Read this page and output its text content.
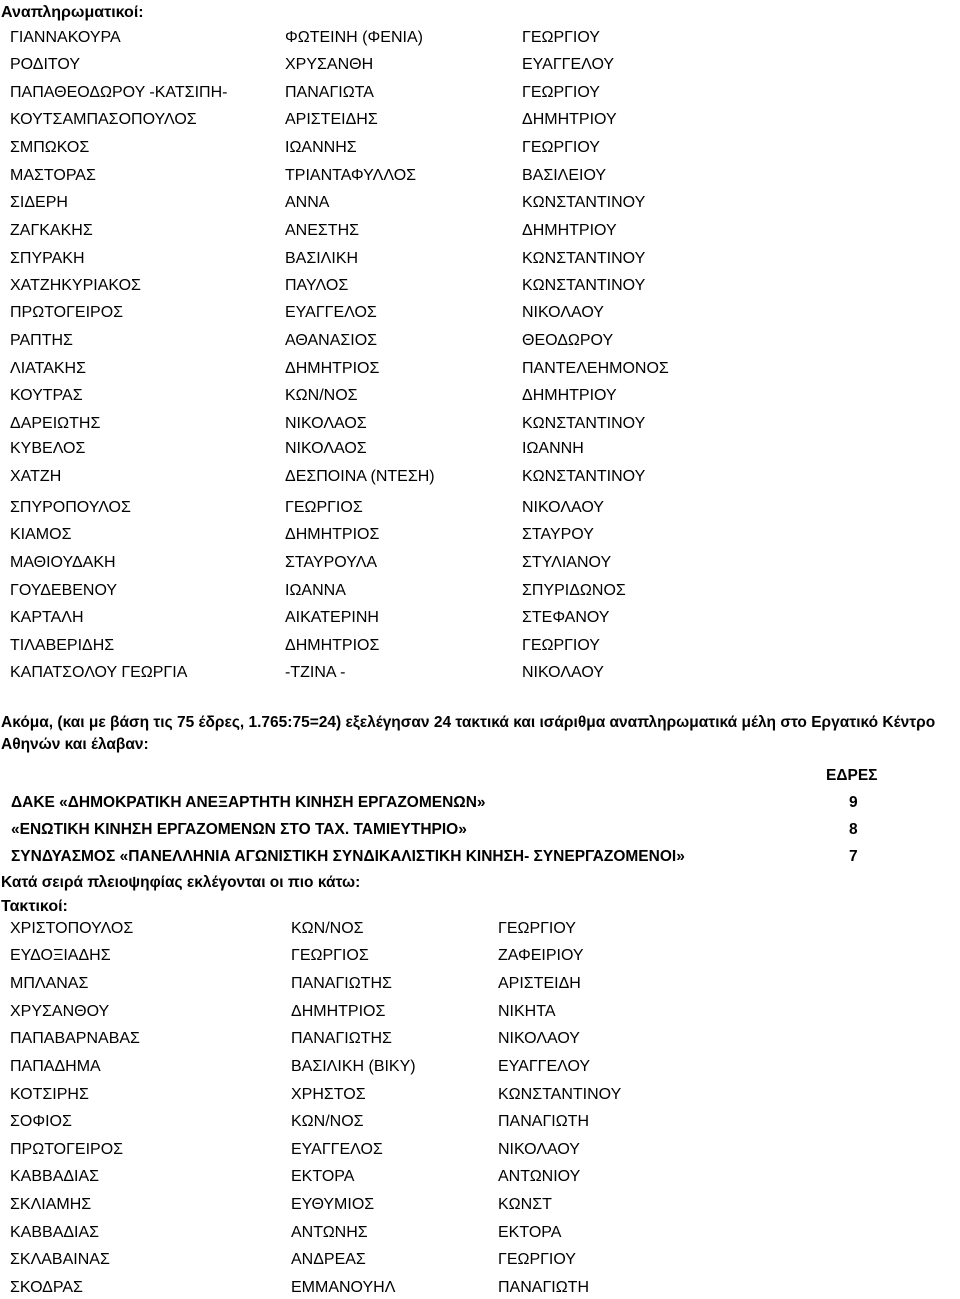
Αναπληρωματικοί:
ΓΙΑΝΝΑΚΟΥΡΑ	ΦΩΤΕΙΝΗ (ΦΕΝΙΑ)	ΓΕΩΡΓΙΟΥ
ΡΟΔΙΤΟΥ	ΧΡΥΣΑΝΘΗ	ΕΥΑΓΓΕΛΟΥ
ΠΑΠΑΘΕΟΔΩΡΟΥ -ΚΑΤΣΙΠΗ-	ΠΑΝΑΓΙΩΤΑ	ΓΕΩΡΓΙΟΥ
ΚΟΥΤΣΑΜΠΑΣΟΠΟΥΛΟΣ	ΑΡΙΣΤΕΙΔΗΣ	ΔΗΜΗΤΡΙΟΥ
ΣΜΠΩΚΟΣ	ΙΩΑΝΝΗΣ	ΓΕΩΡΓΙΟΥ
ΜΑΣΤΟΡΑΣ	ΤΡΙΑΝΤΑΦΥΛΛΟΣ	ΒΑΣΙΛΕΙΟΥ
ΣΙΔΕΡΗ	ΑΝΝΑ	ΚΩΝΣΤΑΝΤΙΝΟΥ
ΖΑΓΚΑΚΗΣ	ΑΝΕΣΤΗΣ	ΔΗΜΗΤΡΙΟΥ
ΣΠΥΡΑΚΗ	ΒΑΣΙΛΙΚΗ	ΚΩΝΣΤΑΝΤΙΝΟΥ
ΧΑΤΖΗΚΥΡΙΑΚΟΣ	ΠΑΥΛΟΣ	ΚΩΝΣΤΑΝΤΙΝΟΥ
ΠΡΩΤΟΓΕΙΡΟΣ	ΕΥΑΓΓΕΛΟΣ	ΝΙΚΟΛΑΟΥ
ΡΑΠΤΗΣ	ΑΘΑΝΑΣΙΟΣ	ΘΕΟΔΩΡΟΥ
ΛΙΑΤΑΚΗΣ	ΔΗΜΗΤΡΙΟΣ	ΠΑΝΤΕΛΕΗΜΟΝΟΣ
ΚΟΥΤΡΑΣ	ΚΩΝ/ΝΟΣ	ΔΗΜΗΤΡΙΟΥ
ΔΑΡΕΙΩΤΗΣ	ΝΙΚΟΛΑΟΣ	ΚΩΝΣΤΑΝΤΙΝΟΥ
ΚΥΒΕΛΟΣ	ΝΙΚΟΛΑΟΣ	ΙΩΑΝΝΗ
ΧΑΤΖΗ	ΔΕΣΠΟΙΝΑ (ΝΤΕΣΗ)	ΚΩΝΣΤΑΝΤΙΝΟΥ
ΣΠΥΡΟΠΟΥΛΟΣ	ΓΕΩΡΓΙΟΣ	ΝΙΚΟΛΑΟΥ
ΚΙΑΜΟΣ	ΔΗΜΗΤΡΙΟΣ	ΣΤΑΥΡΟΥ
ΜΑΘΙΟΥΔΑΚΗ	ΣΤΑΥΡΟΥΛΑ	ΣΤΥΛΙΑΝΟΥ
ΓΟΥΔΕΒΕΝΟΥ	ΙΩΑΝΝΑ	ΣΠΥΡΙΔΩΝΟΣ
ΚΑΡΤΑΛΗ	ΑΙΚΑΤΕΡΙΝΗ	ΣΤΕΦΑΝΟΥ
ΤΙΛΑΒΕΡΙΔΗΣ	ΔΗΜΗΤΡΙΟΣ	ΓΕΩΡΓΙΟΥ
ΚΑΠΑΤΣΟΛΟΥ ΓΕΩΡΓΙΑ	-ΤΖΙΝΑ -	ΝΙΚΟΛΑΟΥ
Ακόμα, (και με βάση τις 75 έδρες, 1.765:75=24) εξελέγησαν 24 τακτικά και ισάριθμα αναπληρωματικά μέλη στο Εργατικό Κέντρο Αθηνών και έλαβαν:
ΕΔΡΕΣ
ΔΑΚΕ «ΔΗΜΟΚΡΑΤΙΚΗ ΑΝΕΞΑΡΤΗΤΗ ΚΙΝΗΣΗ ΕΡΓΑΖΟΜΕΝΩΝ»	9
«ΕΝΩΤΙΚΗ ΚΙΝΗΣΗ ΕΡΓΑΖΟΜΕΝΩΝ ΣΤΟ ΤΑΧ. ΤΑΜΙΕΥΤΗΡΙΟ»	8
ΣΥΝΔΥΑΣΜΟΣ «ΠΑΝΕΛΛΗΝΙΑ ΑΓΩΝΙΣΤΙΚΗ ΣΥΝΔΙΚΑΛΙΣΤΙΚΗ ΚΙΝΗΣΗ- ΣΥΝΕΡΓΑΖΟΜΕΝΟΙ»	7
Κατά σειρά πλειοψηφίας εκλέγονται οι πιο κάτω:
Τακτικοί:
ΧΡΙΣΤΟΠΟΥΛΟΣ	ΚΩΝ/ΝΟΣ	ΓΕΩΡΓΙΟΥ
ΕΥΔΟΞΙΑΔΗΣ	ΓΕΩΡΓΙΟΣ	ΖΑΦΕΙΡΙΟΥ
ΜΠΛΑΝΑΣ	ΠΑΝΑΓΙΩΤΗΣ	ΑΡΙΣΤΕΙΔΗ
ΧΡΥΣΑΝΘΟΥ	ΔΗΜΗΤΡΙΟΣ	ΝΙΚΗΤΑ
ΠΑΠΑΒΑΡΝΑΒΑΣ	ΠΑΝΑΓΙΩΤΗΣ	ΝΙΚΟΛΑΟΥ
ΠΑΠΑΔΗΜΑ	ΒΑΣΙΛΙΚΗ (ΒΙΚΥ)	ΕΥΑΓΓΕΛΟΥ
ΚΟΤΣΙΡΗΣ	ΧΡΗΣΤΟΣ	ΚΩΝΣΤΑΝΤΙΝΟΥ
ΣΟΦΙΟΣ	ΚΩΝ/ΝΟΣ	ΠΑΝΑΓΙΩΤΗ
ΠΡΩΤΟΓΕΙΡΟΣ	ΕΥΑΓΓΕΛΟΣ	ΝΙΚΟΛΑΟΥ
ΚΑΒΒΑΔΙΑΣ	ΕΚΤΟΡΑ	ΑΝΤΩΝΙΟΥ
ΣΚΛΙΑΜΗΣ	ΕΥΘΥΜΙΟΣ	ΚΩΝΣΤ
ΚΑΒΒΑΔΙΑΣ	ΑΝΤΩΝΗΣ	ΕΚΤΟΡΑ
ΣΚΛΑΒΑΙΝΑΣ	ΑΝΔΡΕΑΣ	ΓΕΩΡΓΙΟΥ
ΣΚΟΔΡΑΣ	ΕΜΜΑΝΟΥΗΛ	ΠΑΝΑΓΙΩΤΗ
